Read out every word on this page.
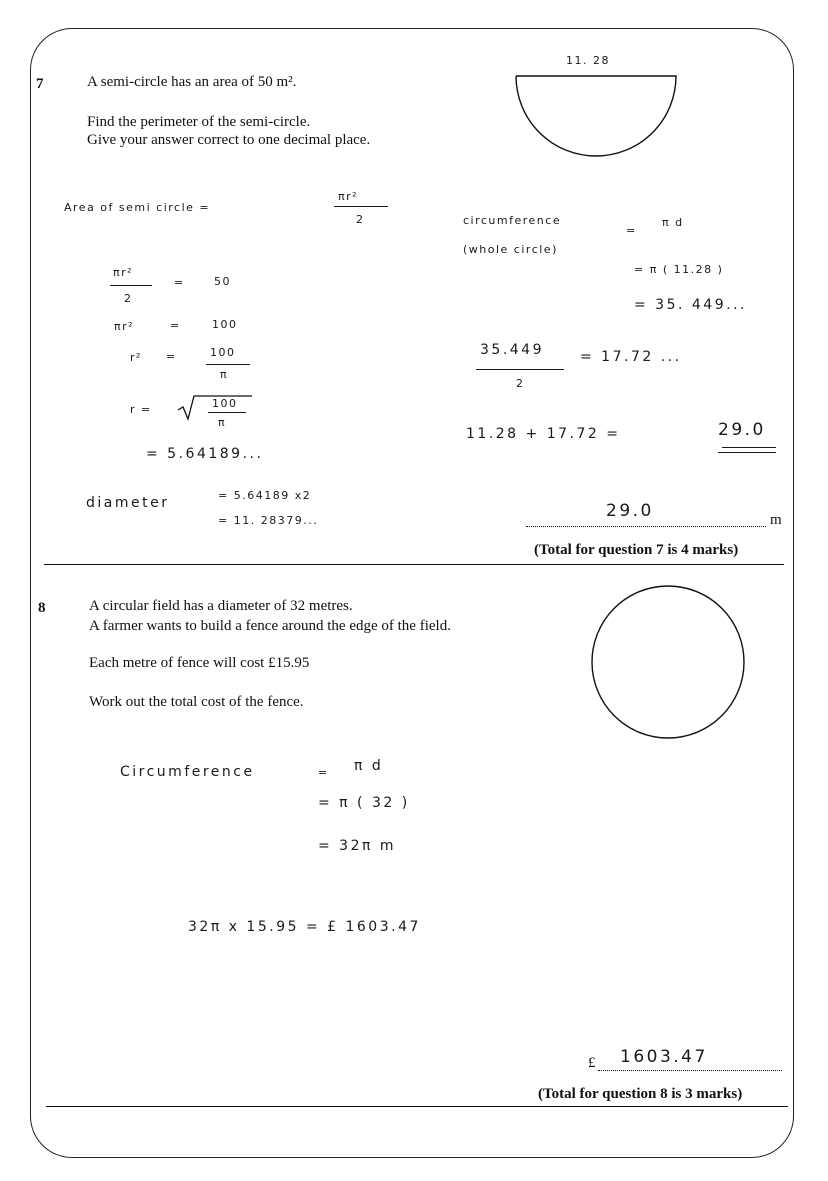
7	A semi-circle has an area of 50 m².
Find the perimeter of the semi-circle.
Give your answer correct to one decimal place.
11. 28
Area of semi circle =
πr²
2
πr²
2
=	50
πr²	=	100
r² =	100
π
r =	100
π
= 5.64189...
diameter	= 5.64189 x2
= 11. 28379...
circumference
(whole circle)
=
π d
= π ( 11.28 )
= 35. 449...
35.449
2
= 17.72 ...
11.28 + 17.72 =	29.0
29.0	m
(Total for question 7 is 4 marks)
8	A circular field has a diameter of 32 metres.
A farmer wants to build a fence around the edge of the field.
Each metre of fence will cost £15.95
Work out the total cost of the fence.
Circumference	= π d
= π ( 32 )
= 32π m
32π x 15.95 = £ 1603.47
£ 1603.47
(Total for question 8 is 3 marks)
